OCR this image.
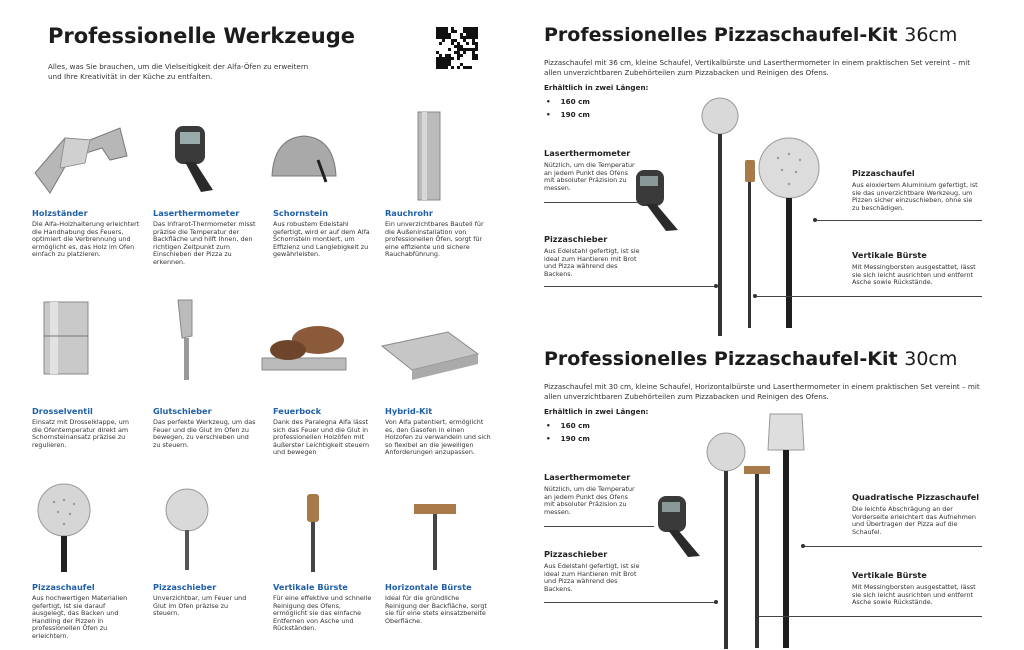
Professionelle Werkzeuge
Alles, was Sie brauchen, um die Vielseitigkeit der Alfa-Öfen zu erweitern und Ihre Kreativität in der Küche zu entfalten.
Holzständer
Die Alfa-Holzhalterung erleichtert die Handhabung des Feuers, optimiert die Verbrennung und ermöglicht es, das Holz im Ofen einfach zu platzieren.
Laserthermometer
Das Infrarot-Thermometer misst präzise die Temperatur der Backfläche und hilft Ihnen, den richtigen Zeitpunkt zum Einschieben der Pizza zu erkennen.
Schornstein
Aus robustem Edelstahl gefertigt, wird er auf dem Alfa Schornstein montiert, um Effizienz und Langlebigkeit zu gewährleisten.
Rauchrohr
Ein unverzichtbares Bauteil für die Außeninstallation von professionellen Öfen, sorgt für eine effiziente und sichere Rauchabführung.
Drosselventil
Einsatz mit Drosselklappe, um die Ofentemperatur direkt am Schornsteinansatz präzise zu regulieren.
Glutschieber
Das perfekte Werkzeug, um das Feuer und die Glut im Ofen zu bewegen, zu verschieben und zu steuern.
Feuerbock
Dank des Paralegna Alfa lässt sich das Feuer und die Glut in professionellen Holzöfen mit äußerster Leichtigkeit steuern und bewegen
Hybrid-Kit
Von Alfa patentiert, ermöglicht es, den Gasofen in einen Holzofen zu verwandeln und sich so flexibel an die jeweiligen Anforderungen anzupassen.
Pizzaschaufel
Aus hochwertigen Materialien gefertigt, ist sie darauf ausgelegt, das Backen und Handling der Pizzen in professionellen Öfen zu erleichtern.
Pizzaschieber
Unverzichtbar, um Feuer und Glut im Ofen präzise zu steuern.
Vertikale Bürste
Für eine effektive und schnelle Reinigung des Ofens, ermöglicht sie das einfache Entfernen von Asche und Rückständen.
Horizontale Bürste
Ideal für die gründliche Reinigung der Backfläche, sorgt sie für eine stets einsatzbereite Oberfläche.
Professionelles Pizzaschaufel-Kit 36cm
Pizzaschaufel mit 36 cm, kleine Schaufel, Vertikalbürste und Laserthermometer in einem praktischen Set vereint – mit allen unverzichtbaren Zubehörteilen zum Pizzabacken und Reinigen des Ofens.
Erhältlich in zwei Längen:
• 160 cm
• 190 cm
Laserthermometer
Nützlich, um die Temperatur an jedem Punkt des Ofens mit absoluter Präzision zu messen.
Pizzaschieber
Aus Edelstahl gefertigt, ist sie ideal zum Hantieren mit Brot und Pizza während des Backens.
Pizzaschaufel
Aus eloxiertem Aluminium gefertigt, ist sie das unverzichtbare Werkzeug, um Pizzen sicher einzuschieben, ohne sie zu beschädigen.
Vertikale Bürste
Mit Messingborsten ausgestattet, lässt sie sich leicht ausrichten und entfernt Asche sowie Rückstände.
Professionelles Pizzaschaufel-Kit 30cm
Pizzaschaufel mit 30 cm, kleine Schaufel, Horizontalbürste und Laserthermometer in einem praktischen Set vereint – mit allen unverzichtbaren Zubehörteilen zum Pizzabacken und Reinigen des Ofens.
Erhältlich in zwei Längen:
• 160 cm
• 190 cm
Laserthermometer
Nützlich, um die Temperatur an jedem Punkt des Ofens mit absoluter Präzision zu messen.
Pizzaschieber
Aus Edelstahl gefertigt, ist sie ideal zum Hantieren mit Brot und Pizza während des Backens.
Quadratische Pizzaschaufel
Die leichte Abschrägung an der Vorderseite erleichtert das Aufnehmen und Übertragen der Pizza auf die Schaufel.
Vertikale Bürste
Mit Messingborsten ausgestattet, lässt sie sich leicht ausrichten und entfernt Asche sowie Rückstände.
